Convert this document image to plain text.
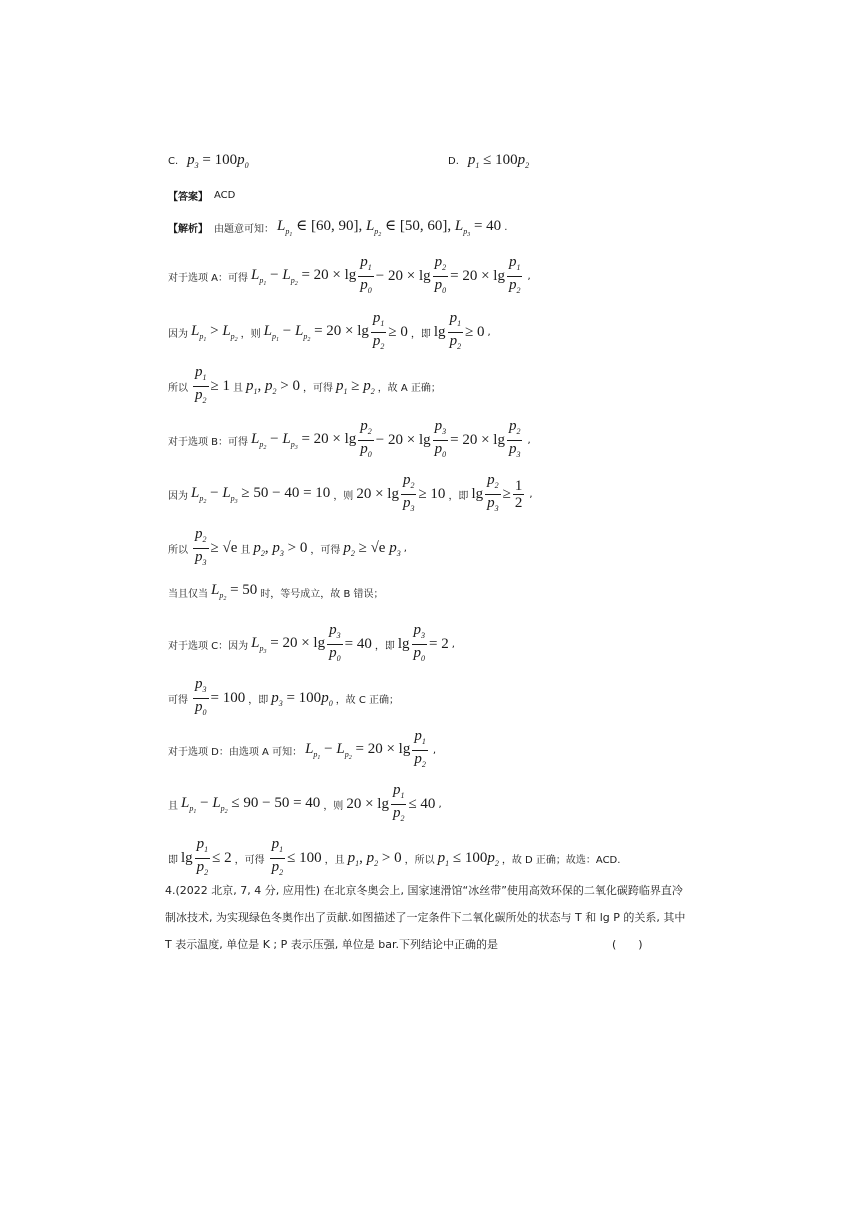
C. $p_3 = 100p_0$	D. $p_1 \le 100p_2$
【答案】 ACD
【解析】 由题意可知： $L_{p_1}$ ∈ [60, 90], $L_{p_2}$ ∈ [50, 60], $L_{p_3} = 40$ .
对于选项 A：可得 $L_{p_1} - L_{p_2} = 20 \times \lg \frac{p_1}{p_0} - 20 \times \lg \frac{p_2}{p_0} = 20 \times \lg \frac{p_1}{p_2}$ ,
因为 $L_{p_1} > L_{p_2}$ ，则 $L_{p_1} - L_{p_2} = 20 \times \lg \frac{p_1}{p_2} \ge 0$ ，即 $\lg \frac{p_1}{p_2} \ge 0$ ,
所以 $\frac{p_1}{p_2} \ge 1$ 且 $p_1$, $p_2 > 0$ ，可得 $p_1 \ge p_2$ ，故 A 正确；
对于选项 B：可得 $L_{p_2} - L_{p_3} = 20 \times \lg \frac{p_2}{p_0} - 20 \times \lg \frac{p_3}{p_0} = 20 \times \lg \frac{p_2}{p_3}$ ,
因为 $L_{p_2} - L_{p_3} \ge 50 - 40 = 10$ ，则 $20 \times \lg \frac{p_2}{p_3} \ge 10$ ，即 $\lg \frac{p_2}{p_3} \ge \frac{1}{2}$ ,
所以 $\frac{p_2}{p_3} \ge √e$ 且 $p_2$, $p_3 > 0$ ，可得 $p_2 \ge √e$ $p_3$ ,
当且仅当 $L_{p_2} = 50$ 时，等号成立，故 B 错误；
对于选项 C：因为 $L_{p_3} = 20 \times \lg \frac{p_3}{p_0} = 40$ ，即 $\lg \frac{p_3}{p_0} = 2$ ,
可得 $\frac{p_3}{p_0} = 100$ ，即 $p_3 = 100p_0$ ，故 C 正确；
对于选项 D：由选项 A 可知： $L_{p_1} - L_{p_2} = 20 \times \lg \frac{p_1}{p_2}$ ,
且 $L_{p_1} - L_{p_2} \le 90 - 50 = 40$ ，则 $20 \times \lg \frac{p_1}{p_2} \le 40$ ,
即 $\lg \frac{p_1}{p_2} \le 2$ ，可得 $\frac{p_1}{p_2} \le 100$ ，且 $p_1$, $p_2 > 0$ ，所以 $p_1 \le 100p_2$ ，故 D 正确；故选：ACD.
4.(2022 北京, 7, 4 分, 应用性) 在北京冬奥会上, 国家速滑馆“冰丝带”使用高效环保的二氧化碳跨临界直冷
制冰技术, 为实现绿色冬奥作出了贡献.如图描述了一定条件下二氧化碳所处的状态与 T 和 lg P 的关系, 其中
T 表示温度, 单位是 K ; P 表示压强, 单位是 bar.下列结论中正确的是	(　　)
